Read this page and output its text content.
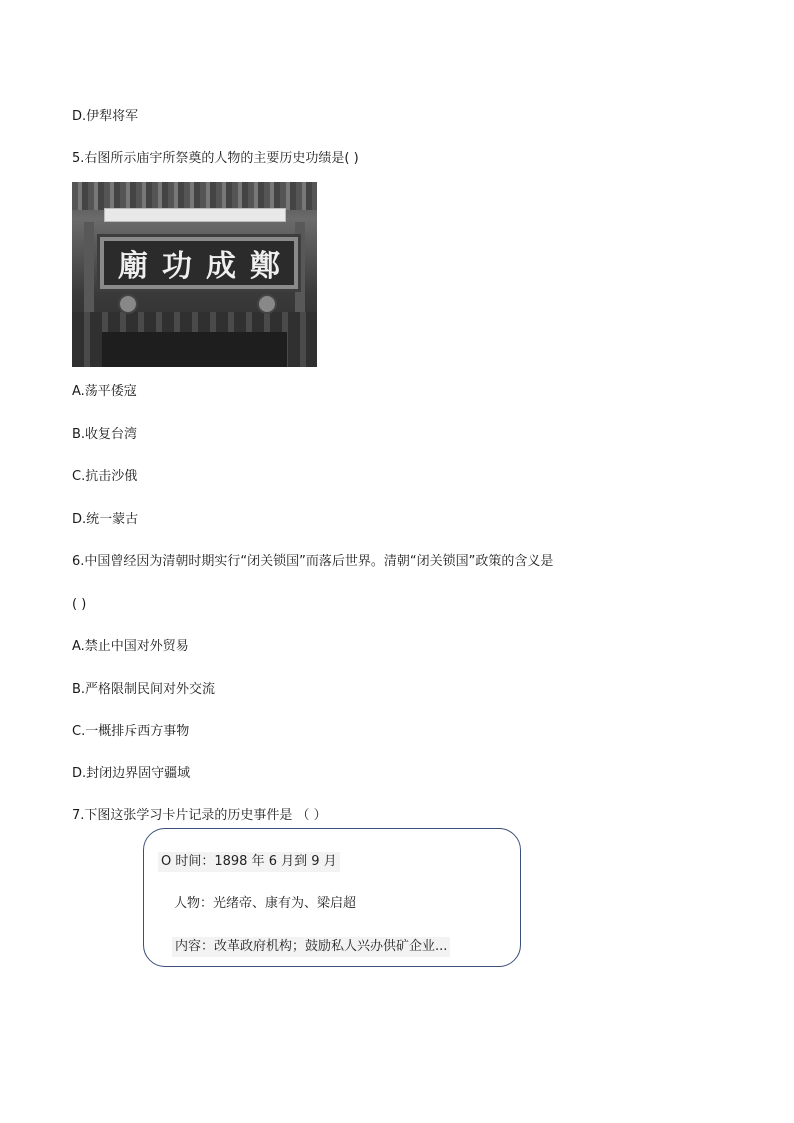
D.伊犁将军
5.右图所示庙宇所祭奠的人物的主要历史功绩是( )
廟功成鄭
A.荡平倭寇
B.收复台湾
C.抗击沙俄
D.统一蒙古
6.中国曾经因为清朝时期实行“闭关锁国”而落后世界。清朝“闭关锁国”政策的含义是
( )
A.禁止中国对外贸易
B.严格限制民间对外交流
C.一概排斥西方事物
D.封闭边界固守疆域
7.下图这张学习卡片记录的历史事件是 （ ）
O 时间：1898 年 6 月到 9 月
人物：光绪帝、康有为、梁启超
内容：改革政府机构；鼓励私人兴办供矿企业...
